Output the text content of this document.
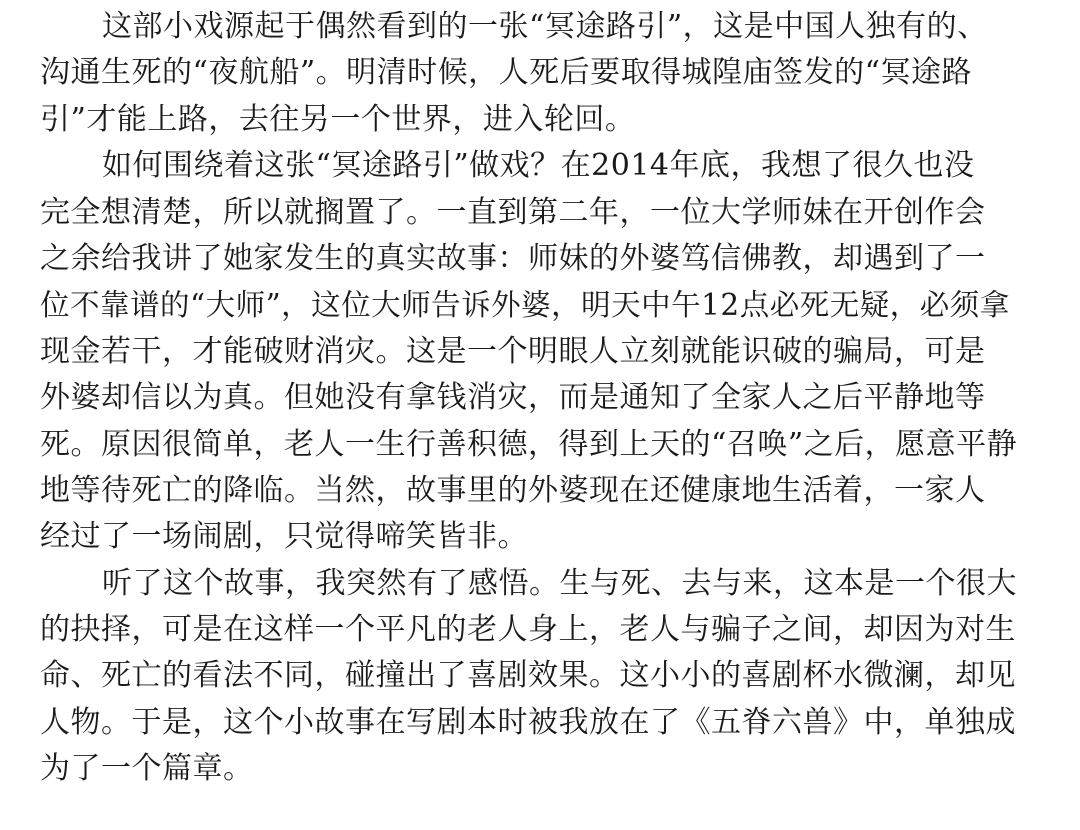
这部小戏源起于偶然看到的一张“冥途路引”，这是中国人独有的、
沟通生死的“夜航船”。明清时候，人死后要取得城隍庙签发的“冥途路
引”才能上路，去往另一个世界，进入轮回。
如何围绕着这张“冥途路引”做戏？在2014年底，我想了很久也没
完全想清楚，所以就搁置了。一直到第二年，一位大学师妹在开创作会
之余给我讲了她家发生的真实故事：师妹的外婆笃信佛教，却遇到了一
位不靠谱的“大师”，这位大师告诉外婆，明天中午12点必死无疑，必须拿
现金若干，才能破财消灾。这是一个明眼人立刻就能识破的骗局，可是
外婆却信以为真。但她没有拿钱消灾，而是通知了全家人之后平静地等
死。原因很简单，老人一生行善积德，得到上天的“召唤”之后，愿意平静
地等待死亡的降临。当然，故事里的外婆现在还健康地生活着，一家人
经过了一场闹剧，只觉得啼笑皆非。
听了这个故事，我突然有了感悟。生与死、去与来，这本是一个很大
的抉择，可是在这样一个平凡的老人身上，老人与骗子之间，却因为对生
命、死亡的看法不同，碰撞出了喜剧效果。这小小的喜剧杯水微澜，却见
人物。于是，这个小故事在写剧本时被我放在了《五脊六兽》中，单独成
为了一个篇章。
